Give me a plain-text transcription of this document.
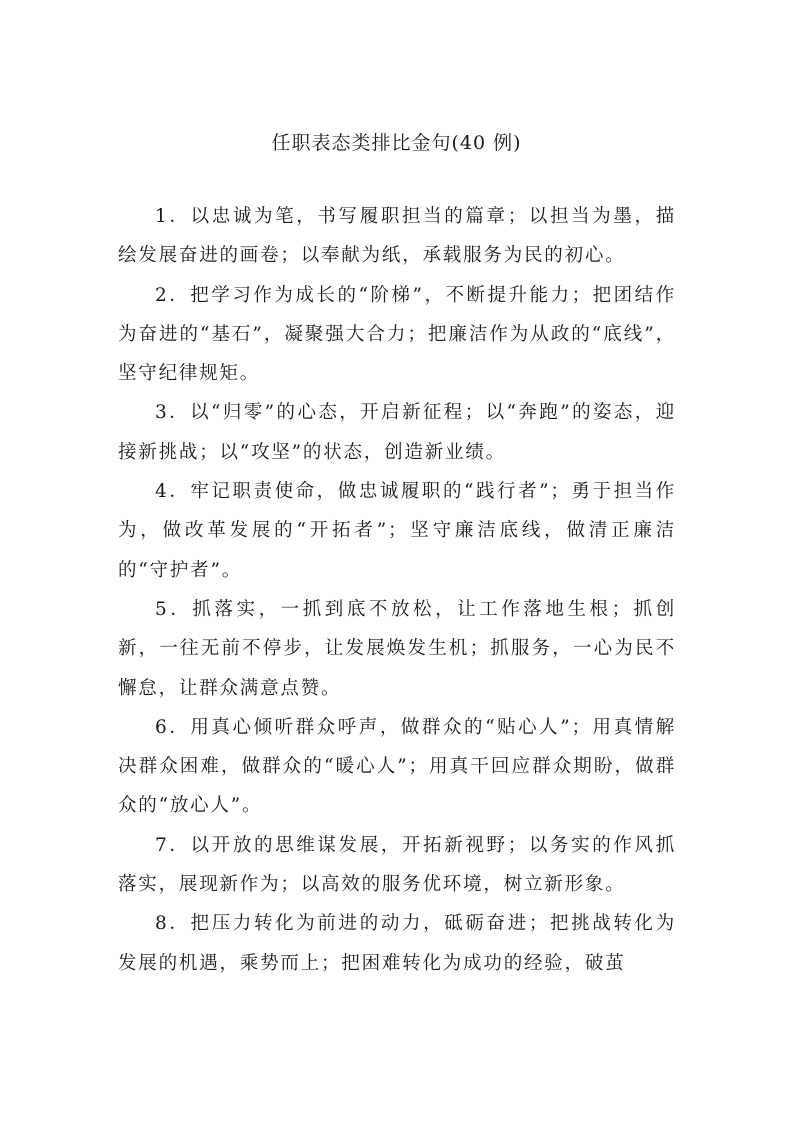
任职表态类排比金句(40 例)

1．以忠诚为笔，书写履职担当的篇章；以担当为墨，描绘发展奋进的画卷；以奉献为纸，承载服务为民的初心。

2．把学习作为成长的“阶梯”，不断提升能力；把团结作为奋进的“基石”，凝聚强大合力；把廉洁作为从政的“底线”，坚守纪律规矩。

3．以“归零”的心态，开启新征程；以“奔跑”的姿态，迎接新挑战；以“攻坚”的状态，创造新业绩。

4．牢记职责使命，做忠诚履职的“践行者”；勇于担当作为，做改革发展的“开拓者”；坚守廉洁底线，做清正廉洁的“守护者”。

5．抓落实，一抓到底不放松，让工作落地生根；抓创新，一往无前不停步，让发展焕发生机；抓服务，一心为民不懈怠，让群众满意点赞。

6．用真心倾听群众呼声，做群众的“贴心人”；用真情解决群众困难，做群众的“暖心人”；用真干回应群众期盼，做群众的“放心人”。

7．以开放的思维谋发展，开拓新视野；以务实的作风抓落实，展现新作为；以高效的服务优环境，树立新形象。

8．把压力转化为前进的动力，砥砺奋进；把挑战转化为发展的机遇，乘势而上；把困难转化为成功的经验，破茧
